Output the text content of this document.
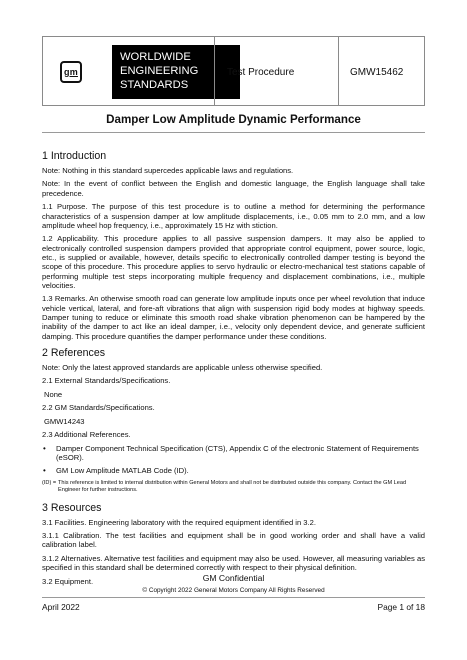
gm
WORLDWIDE
ENGINEERING
STANDARDS
Test Procedure	GMW15462
Damper Low Amplitude Dynamic Performance
1 Introduction

Note: Nothing in this standard supercedes applicable laws and regulations.

Note: In the event of conflict between the English and domestic language, the English language shall take precedence.

1.1 Purpose. The purpose of this test procedure is to outline a method for determining the performance characteristics of a suspension damper at low amplitude displacements, i.e., 0.05 mm to 2.0 mm, and a low amplitude wheel hop frequency, i.e., approximately 15 Hz with stiction.

1.2 Applicability. This procedure applies to all passive suspension dampers. It may also be applied to electronically controlled suspension dampers provided that appropriate control equipment, power source, logic, etc., is supplied or available, however, details specific to electronically controlled damper testing is beyond the scope of this procedure. This procedure applies to servo hydraulic or electro-mechanical test stations capable of performing multiple test steps incorporating multiple frequency and displacement combinations, i.e., multiple velocities.

1.3 Remarks. An otherwise smooth road can generate low amplitude inputs once per wheel revolution that induce vehicle vertical, lateral, and fore-aft vibrations that align with suspension rigid body modes at highway speeds. Damper tuning to reduce or eliminate this smooth road shake vibration phenomenon can be hampered by the inability of the damper to act like an ideal damper, i.e., velocity only dependent device, and generate sufficient damping. This procedure quantifies the damper performance under these conditions.

2 References

Note: Only the latest approved standards are applicable unless otherwise specified.

2.1 External Standards/Specifications.

None

2.2 GM Standards/Specifications.

GMW14243

2.3 Additional References.

• Damper Component Technical Specification (CTS), Appendix C of the electronic Statement of Requirements (eSOR).
• GM Low Amplitude MATLAB Code (ID).
(ID) = This reference is limited to internal distribution within General Motors and shall not be distributed outside this company. Contact the GM Lead Engineer for further instructions.
3 Resources

3.1 Facilities. Engineering laboratory with the required equipment identified in 3.2.

3.1.1 Calibration. The test facilities and equipment shall be in good working order and shall have a valid calibration label.

3.1.2 Alternatives. Alternative test facilities and equipment may also be used. However, all measuring variables as specified in this standard shall be determined correctly with respect to their physical definition.

3.2 Equipment.	GM Confidential
© Copyright 2022 General Motors Company All Rights Reserved
April 2022	Page 1 of 18
